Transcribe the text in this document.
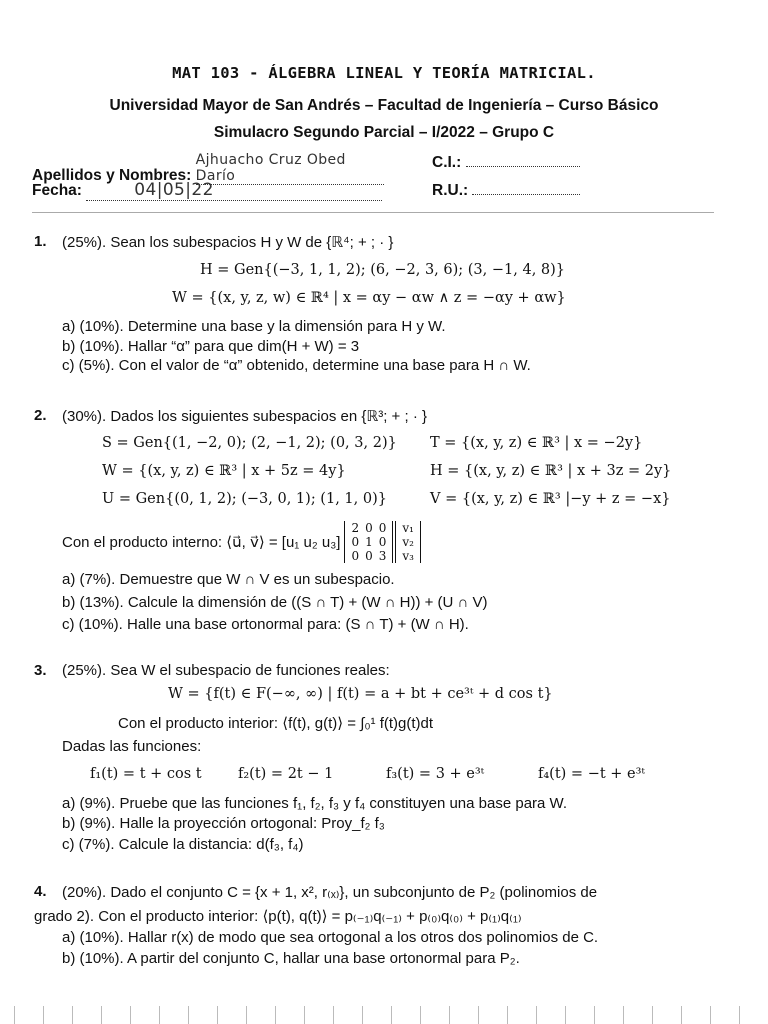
MAT 103 - ÁLGEBRA LINEAL Y TEORÍA MATRICIAL.
Universidad Mayor de San Andrés – Facultad de Ingeniería – Curso Básico
Simulacro Segundo Parcial – I/2022 – Grupo C
Apellidos y Nombres: Ajhuacho Cruz Obed Darío
C.I.:
Fecha:	04|05|22	R.U.:
1. (25%). Sean los subespacios H y W de {ℝ⁴; + ; · }
H = Gen{(−3, 1, 1, 2); (6, −2, 3, 6); (3, −1, 4, 8)}
W = {(x, y, z, w) ∈ ℝ⁴ | x = αy − αw ∧ z = −αy + αw}
a) (10%). Determine una base y la dimensión para H y W.
b) (10%). Hallar “α” para que dim(H + W) = 3
c) (5%). Con el valor de “α” obtenido, determine una base para H ∩ W.
2. (30%). Dados los siguientes subespacios en {ℝ³; + ; · }
S = Gen{(1, −2, 0); (2, −1, 2); (0, 3, 2)} T = {(x, y, z) ∈ ℝ³ | x = −2y}
W = {(x, y, z) ∈ ℝ³ | x + 5z = 4y}	H = {(x, y, z) ∈ ℝ³ | x + 3z = 2y}
U = Gen{(0, 1, 2); (−3, 0, 1); (1, 1, 0)}	V = {(x, y, z) ∈ ℝ³ |−y + z = −x}
Con el producto interno: ⟨u⃗, v⃗⟩ = [u₁ u₂ u₃]
2	0	0
0	1	0
0	0	3
v₁
v₂
v₃
a) (7%). Demuestre que W ∩ V es un subespacio.
b) (13%). Calcule la dimensión de ((S ∩ T) + (W ∩ H)) + (U ∩ V)
c) (10%). Halle una base ortonormal para: (S ∩ T) + (W ∩ H).
3. (25%). Sea W el subespacio de funciones reales:
W = {f(t) ∈ F(−∞, ∞) | f(t) = a + bt + ce³ᵗ + d cos t}
Con el producto interior: ⟨f(t), g(t)⟩ = ∫₀¹ f(t)g(t)dt
Dadas las funciones:
f₁(t) = t + cos t	f₂(t) = 2t − 1	f₃(t) = 3 + e³ᵗ	f₄(t) = −t + e³ᵗ
a) (9%). Pruebe que las funciones f₁, f₂, f₃ y f₄ constituyen una base para W.
b) (9%). Halle la proyección ortogonal: Proy_f₂ f₃
c) (7%). Calcule la distancia: d(f₃, f₄)
4. (20%). Dado el conjunto C = {x + 1, x², r₍ₓ₎}, un subconjunto de P₂ (polinomios de
grado 2). Con el producto interior: ⟨p(t), q(t)⟩ = p₍₋₁₎q₍₋₁₎ + p₍₀₎q₍₀₎ + p₍₁₎q₍₁₎
a) (10%). Hallar r(x) de modo que sea ortogonal a los otros dos polinomios de C.
b) (10%). A partir del conjunto C, hallar una base ortonormal para P₂.
